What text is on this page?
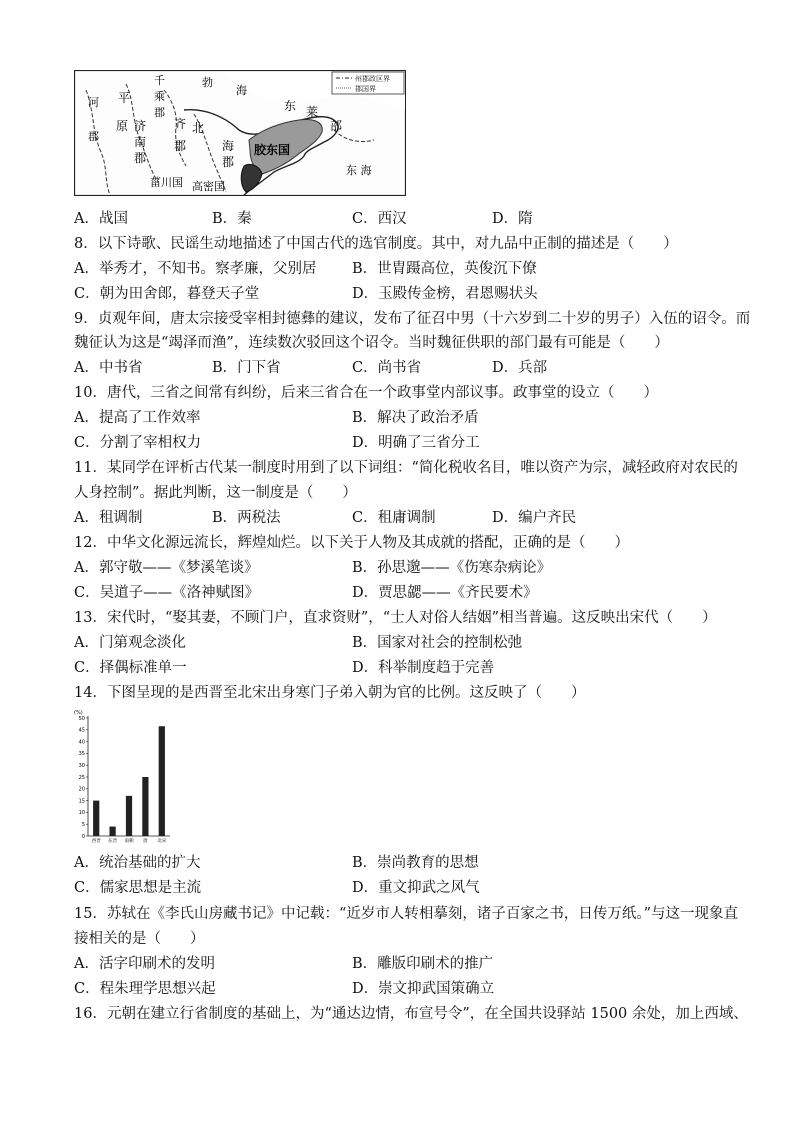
州郡政区界
郡国界
河
郡
平
原
千
乘
郡
济
南
郡
齐
郡
勃
海
北
海
郡
东 莱
部
胶东国
菑川国 高密国
东 海
A．战国	B．秦	C．西汉	D．隋
8．以下诗歌、民谣生动地描述了中国古代的选官制度。其中，对九品中正制的描述是（　　）
A．举秀才，不知书。察孝廉，父别居 B．世胄蹑高位，英俊沉下僚
C．朝为田舍郎，暮登天子堂	D．玉殿传金榜，君恩赐状头
9．贞观年间，唐太宗接受宰相封德彝的建议，发布了征召中男（十六岁到二十岁的男子）入伍的诏令。而
魏征认为这是“竭泽而渔”，连续数次驳回这个诏令。当时魏征供职的部门最有可能是（　　）
A．中书省	B．门下省	C．尚书省	D．兵部
10．唐代，三省之间常有纠纷，后来三省合在一个政事堂内部议事。政事堂的设立（　　）
A．提高了工作效率	B．解决了政治矛盾
C．分割了宰相权力	D．明确了三省分工
11．某同学在评析古代某一制度时用到了以下词组：“简化税收名目，唯以资产为宗，减轻政府对农民的
人身控制”。据此判断，这一制度是（　　）
A．租调制	B．两税法	C．租庸调制	D．编户齐民
12．中华文化源远流长，辉煌灿烂。以下关于人物及其成就的搭配，正确的是（　　）
A．郭守敬——《梦溪笔谈》	B．孙思邈——《伤寒杂病论》
C．吴道子——《洛神赋图》	D．贾思勰——《齐民要术》
13．宋代时，“娶其妻，不顾门户，直求资财”，“士人对俗人结姻”相当普遍。这反映出宋代（　　）
A．门第观念淡化	B．国家对社会的控制松弛
C．择偶标准单一	D．科举制度趋于完善
14．下图呈现的是西晋至北宋出身寒门子弟入朝为官的比例。这反映了（　　）
(%)
0
5
10
15
20
25
30
35
40
45
50
西晋 东晋 南朝 唐 北宋
A．统治基础的扩大	B．崇尚教育的思想
C．儒家思想是主流	D．重文抑武之风气
15．苏轼在《李氏山房藏书记》中记载：“近岁市人转相摹刻，诸子百家之书，日传万纸。”与这一现象直
接相关的是（　　）
A．活字印刷术的发明	B．雕版印刷术的推广
C．程朱理学思想兴起	D．崇文抑武国策确立
16．元朝在建立行省制度的基础上，为“通达边情，布宣号令”，在全国共设驿站 1500 余处，加上西域、
